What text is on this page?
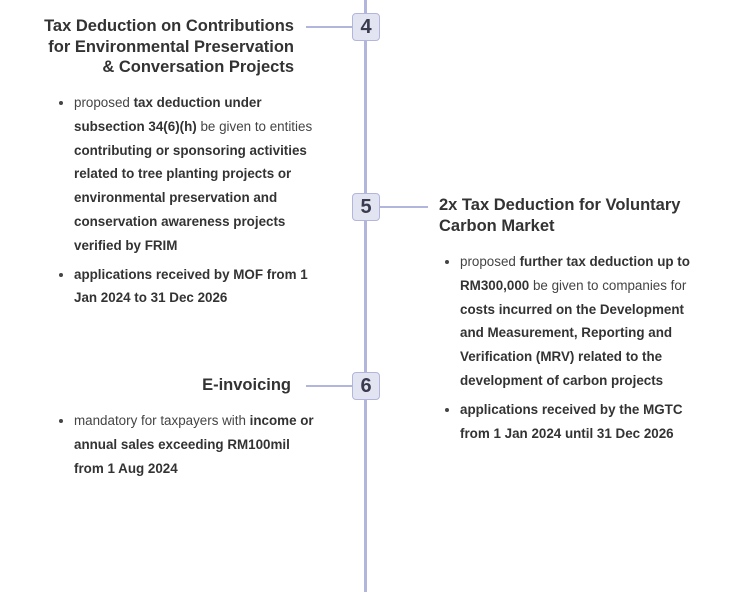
4
Tax Deduction on Contributions
for Environmental Preservation
& Conversation Projects
• proposed tax deduction under subsection 34(6)(h) be given to entities contributing or sponsoring activities related to tree planting projects or environmental preservation and conservation awareness projects verified by FRIM
• applications received by MOF from 1 Jan 2024 to 31 Dec 2026
5	2x Tax Deduction for Voluntary
Carbon Market
• proposed further tax deduction up to RM300,000 be given to companies for costs incurred on the Development and Measurement, Reporting and Verification (MRV) related to the development of carbon projects
• applications received by the MGTC from 1 Jan 2024 until 31 Dec 2026
6
E-invoicing
• mandatory for taxpayers with income or annual sales exceeding RM100mil from 1 Aug 2024
